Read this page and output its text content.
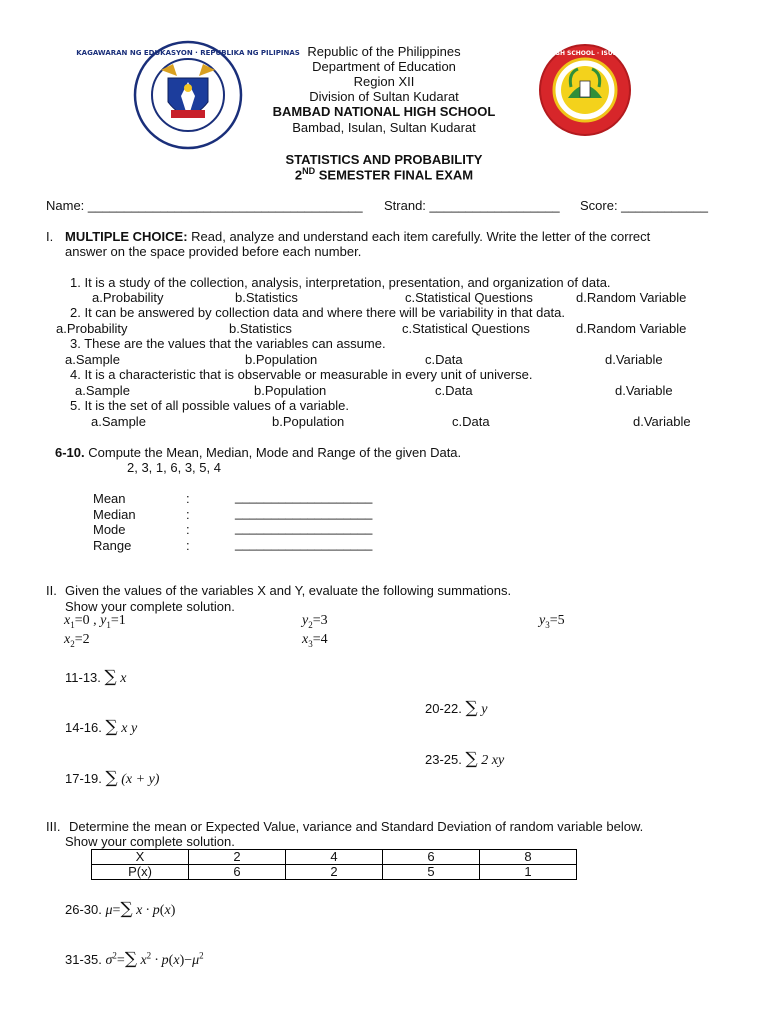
KAGAWARAN NG EDUKASYON · REPUBLIKA NG PILIPINAS	BAMBAD NATIONAL HIGH SCHOOL · ISULAN, SULTAN KUDARAT
Republic of the Philippines
Department of Education
Region XII
Division of Sultan Kudarat
BAMBAD NATIONAL HIGH SCHOOL
Bambad, Isulan, Sultan Kudarat
STATISTICS AND PROBABILITY
2ND SEMESTER FINAL EXAM
Name: ______________________________________ Strand: __________________ Score: ____________
I. MULTIPLE CHOICE: Read, analyze and understand each item carefully. Write the letter of the correct
answer on the space provided before each number.
1. It is a study of the collection, analysis, interpretation, presentation, and organization of data.
a.Probability	b.Statistics	c.Statistical Questions	d.Random Variable
2. It can be answered by collection data and where there will be variability in that data.
a.Probability	b.Statistics	c.Statistical Questions	d.Random Variable
3. These are the values that the variables can assume.
a.Sample	b.Population	c.Data	d.Variable
4. It is a characteristic that is observable or measurable in every unit of universe.
a.Sample	b.Population	c.Data	d.Variable
5. It is the set of all possible values of a variable.
a.Sample	b.Population	c.Data	d.Variable
6-10. Compute the Mean, Median, Mode and Range of the given Data.
2, 3, 1, 6, 3, 5, 4
Mean	:	___________________
Median	:	___________________
Mode	:	___________________
Range	:	___________________
II. Given the values of the variables X and Y, evaluate the following summations.
Show your complete solution.
$x_1=0$ , $y_1=1$	$y_2=3$	$y_3=5$
$x_2=2$	$x_3=4$
11-13. ∑ x
14-16. ∑ x y
17-19. ∑ (x + y)
20-22. ∑ y
23-25. ∑ 2 xy
III. Determine the mean or Expected Value, variance and Standard Deviation of random variable below.
Show your complete solution.
X	2	4	6	8
P(x)	6	2	5	1
26-30. μ=∑ x · p(x)
31-35. $\sigma^2=\sum$ $x^2 \cdot p(x)-\mu^2$
